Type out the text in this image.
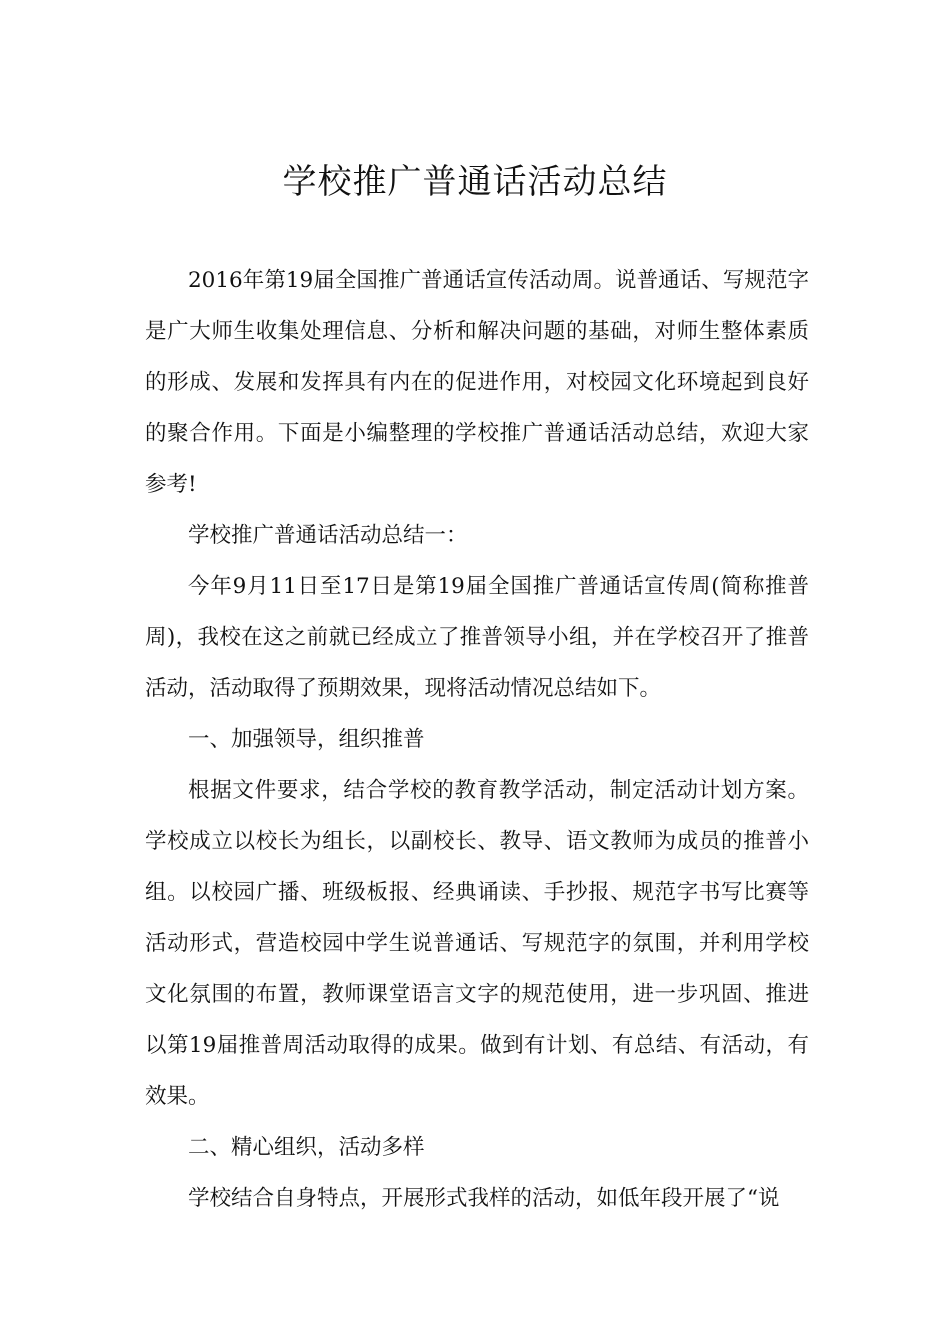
学校推广普通话活动总结

2016年第19届全国推广普通话宣传活动周。说普通话、写规范字是广大师生收集处理信息、分析和解决问题的基础，对师生整体素质的形成、发展和发挥具有内在的促进作用，对校园文化环境起到良好的聚合作用。下面是小编整理的学校推广普通话活动总结，欢迎大家参考!

学校推广普通话活动总结一：

今年9月11日至17日是第19届全国推广普通话宣传周(简称推普周)，我校在这之前就已经成立了推普领导小组，并在学校召开了推普活动，活动取得了预期效果，现将活动情况总结如下。

一、加强领导，组织推普

根据文件要求，结合学校的教育教学活动，制定活动计划方案。学校成立以校长为组长，以副校长、教导、语文教师为成员的推普小组。以校园广播、班级板报、经典诵读、手抄报、规范字书写比赛等活动形式，营造校园中学生说普通话、写规范字的氛围，并利用学校文化氛围的布置，教师课堂语言文字的规范使用，进一步巩固、推进以第19届推普周活动取得的成果。做到有计划、有总结、有活动，有效果。

二、精心组织，活动多样

学校结合自身特点，开展形式我样的活动，如低年段开展了“说
